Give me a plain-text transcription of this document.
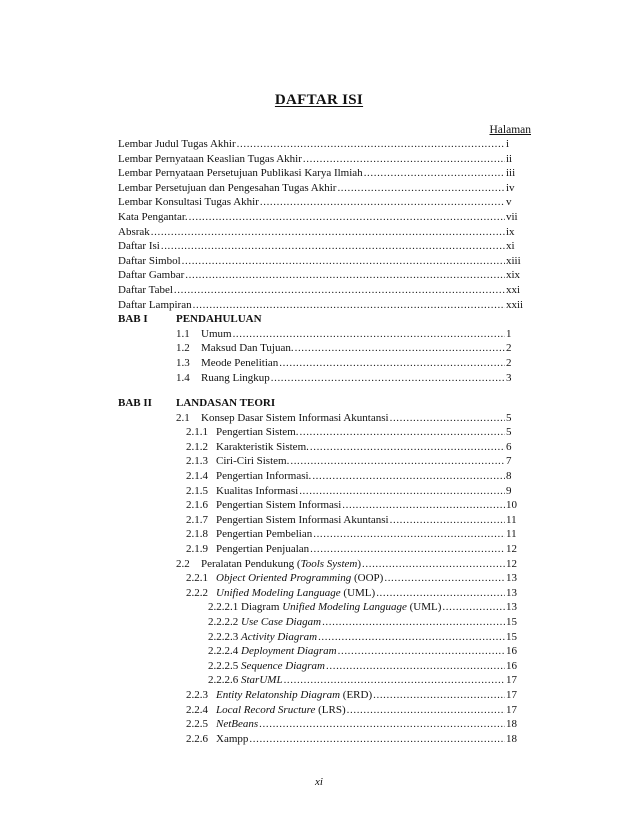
DAFTAR ISI
Halaman
Lembar Judul Tugas Akhir .....	i
Lembar Pernyataan Keaslian Tugas Akhir .....	ii
Lembar Pernyataan Persetujuan Publikasi Karya Ilmiah .....	iii
Lembar Persetujuan dan Pengesahan Tugas Akhir .....	iv
Lembar Konsultasi Tugas Akhir .....	v
Kata Pengantar. .....	vii
Absrak .....	ix
Daftar Isi .....	xi
Daftar Simbol .....	xiii
Daftar Gambar .....	xix
Daftar Tabel .....	xxi
Daftar Lampiran .....	xxii
BAB I	PENDAHULUAN
1.1	Umum .....	1
1.2	Maksud Dan Tujuan. .....	2
1.3	Meode Penelitian .....	2
1.4	Ruang Lingkup .....	3
BAB II	LANDASAN TEORI
2.1	Konsep Dasar Sistem Informasi Akuntansi .....	5
2.1.1 Pengertian Sistem. .....	5
2.1.2 Karakteristik Sistem. .....	6
2.1.3 Ciri-Ciri Sistem. .....	7
2.1.4 Pengertian Informasi. .....	8
2.1.5 Kualitas Informasi .....	9
2.1.6 Pengertian Sistem Informasi .....	10
2.1.7 Pengertian Sistem Informasi Akuntansi .....	11
2.1.8 Pengertian Pembelian .....	11
2.1.9 Pengertian Penjualan .....	12
2.2	Peralatan Pendukung (Tools System) .....	12
2.2.1 Object Oriented Programming (OOP) .....	13
2.2.2 Unified Modeling Language (UML) .....	13
2.2.2.1 Diagram Unified Modeling Language (UML) .....	13
2.2.2.2 Use Case Diagam .....	15
2.2.2.3 Activity Diagram .....	15
2.2.2.4 Deployment Diagram .....	16
2.2.2.5 Sequence Diagram .....	16
2.2.2.6 StarUML .....	17
2.2.3 Entity Relatonship Diagram (ERD) .....	17
2.2.4 Local Record Sructure (LRS) .....	17
2.2.5 NetBeans .....	18
2.2.6 Xampp .....	18
xi
